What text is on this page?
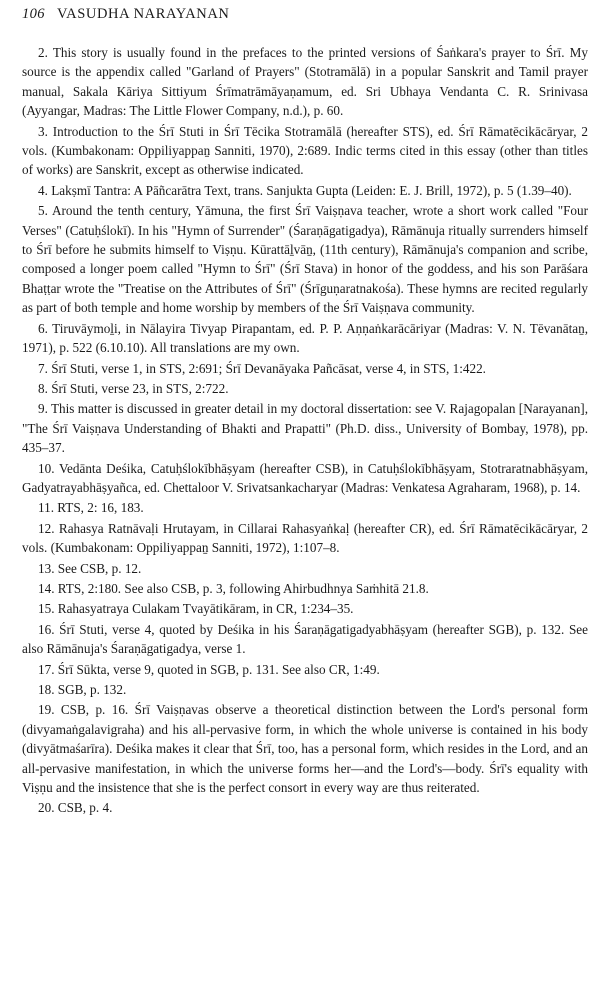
106 VASUDHA NARAYANAN

2. This story is usually found in the prefaces to the printed versions of Śaṅkara's prayer to Śrī. My source is the appendix called "Garland of Prayers" (Stotramālā) in a popular Sanskrit and Tamil prayer manual, Sakala Kāriya Sittiyum Śrīmatrāmāyaṇamum, ed. Sri Ubhaya Vendanta C. R. Srinivasa (Ayyangar, Madras: The Little Flower Company, n.d.), p. 60.

3. Introduction to the Śrī Stuti in Śrī Tēcika Stotramālā (hereafter STS), ed. Śrī Rāmatēcikācāryar, 2 vols. (Kumbakonam: Oppiliyappaṉ Sanniti, 1970), 2:689. Indic terms cited in this essay (other than titles of works) are Sanskrit, except as otherwise indicated.

4. Lakṣmī Tantra: A Pāñcarātra Text, trans. Sanjukta Gupta (Leiden: E. J. Brill, 1972), p. 5 (1.39–40).

5. Around the tenth century, Yāmuna, the first Śrī Vaiṣṇava teacher, wrote a short work called "Four Verses" (Catuḥślokī). In his "Hymn of Surrender" (Śaraṇāgatigadya), Rāmānuja ritually surrenders himself to Śrī before he submits himself to Viṣṇu. Kūrattāḻvāṉ, (11th century), Rāmānuja's companion and scribe, composed a longer poem called "Hymn to Śrī" (Śrī Stava) in honor of the goddess, and his son Parāśara Bhaṭṭar wrote the "Treatise on the Attributes of Śrī" (Śrīguṇaratnakośa). These hymns are recited regularly as part of both temple and home worship by members of the Śrī Vaiṣṇava community.

6. Tiruvāymoḻi, in Nālayira Tivyap Pirapantam, ed. P. P. Aṇṇaṅkarācāriyar (Madras: V. N. Tēvanātaṉ, 1971), p. 522 (6.10.10). All translations are my own.

7. Śrī Stuti, verse 1, in STS, 2:691; Śrī Devanāyaka Pañcāsat, verse 4, in STS, 1:422.

8. Śrī Stuti, verse 23, in STS, 2:722.

9. This matter is discussed in greater detail in my doctoral dissertation: see V. Rajagopalan [Narayanan], "The Śrī Vaiṣṇava Understanding of Bhakti and Prapatti" (Ph.D. diss., University of Bombay, 1978), pp. 435–37.

10. Vedānta Deśika, Catuḥślokībhāṣyam (hereafter CSB), in Catuḥślokībhāṣyam, Stotraratnabhāṣyam, Gadyatrayabhāṣyañca, ed. Chettaloor V. Srivatsankacharyar (Madras: Venkatesa Agraharam, 1968), p. 14.

11. RTS, 2: 16, 183.

12. Rahasya Ratnāvaḷi Hrutayam, in Cillarai Rahasyaṅkaḷ (hereafter CR), ed. Śrī Rāmatēcikācāryar, 2 vols. (Kumbakonam: Oppiliyappaṉ Sanniti, 1972), 1:107–8.

13. See CSB, p. 12.

14. RTS, 2:180. See also CSB, p. 3, following Ahirbudhnya Saṁhitā 21.8.

15. Rahasyatraya Culakam Tvayātikāram, in CR, 1:234–35.

16. Śrī Stuti, verse 4, quoted by Deśika in his Śaraṇāgatigadyabhāṣyam (hereafter SGB), p. 132. See also Rāmānuja's Śaraṇāgatigadya, verse 1.

17. Śrī Sūkta, verse 9, quoted in SGB, p. 131. See also CR, 1:49.

18. SGB, p. 132.

19. CSB, p. 16. Śrī Vaiṣṇavas observe a theoretical distinction between the Lord's personal form (divyamaṅgalavigraha) and his all-pervasive form, in which the whole universe is contained in his body (divyātmaśarīra). Deśika makes it clear that Śrī, too, has a personal form, which resides in the Lord, and an all-pervasive manifestation, in which the universe forms her—and the Lord's—body. Śrī's equality with Viṣṇu and the insistence that she is the perfect consort in every way are thus reiterated.

20. CSB, p. 4.
